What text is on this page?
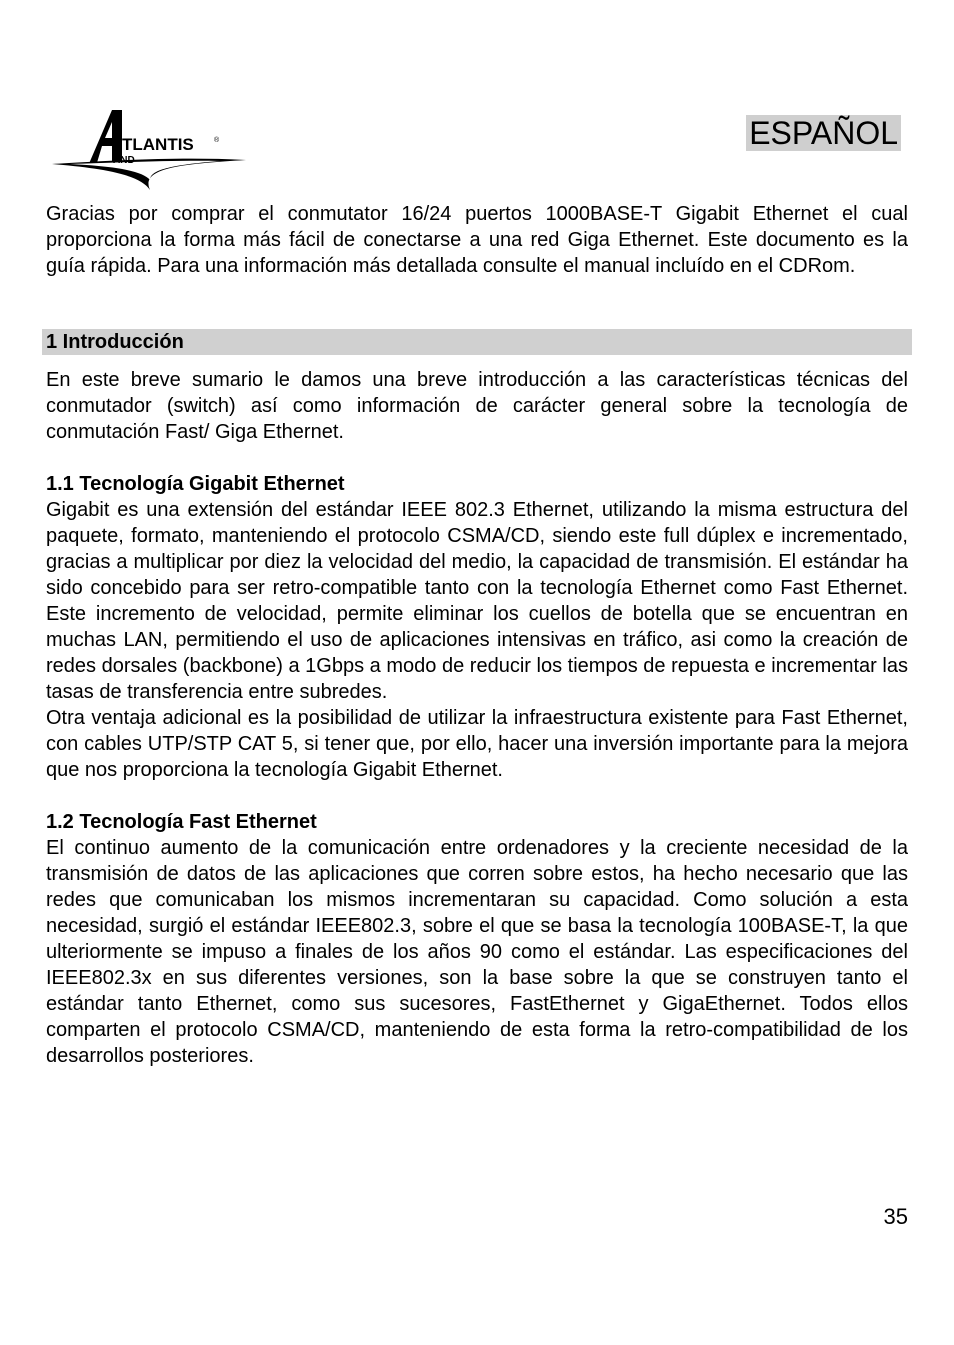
TLANTIS	®
AND
ESPAÑOL

Gracias por comprar el conmutator 16/24 puertos 1000BASE-T Gigabit Ethernet el cual proporciona la forma más fácil de conectarse a una red Giga Ethernet. Este documento es la guía rápida. Para una información más detallada consulte el manual incluído en el CDRom.

1 Introducción

En este breve sumario le damos una breve introducción a las características técnicas del conmutador (switch) así como información de carácter general sobre la tecnología de conmutación Fast/ Giga Ethernet.

1.1 Tecnología Gigabit Ethernet

Gigabit es una extensión del estándar IEEE 802.3 Ethernet, utilizando la misma estructura del paquete, formato, manteniendo el protocolo CSMA/CD, siendo este full dúplex e incrementado, gracias a multiplicar por diez la velocidad del medio, la capacidad de transmisión. El estándar ha sido concebido para ser retro-compatible tanto con la tecnología Ethernet como Fast Ethernet. Este incremento de velocidad, permite eliminar los cuellos de botella que se encuentran en muchas LAN, permitiendo el uso de aplicaciones intensivas en tráfico, asi como la creación de redes dorsales (backbone) a 1Gbps a modo de reducir los tiempos de repuesta e incrementar las tasas de transferencia entre subredes.

Otra ventaja adicional es la posibilidad de utilizar la infraestructura existente para Fast Ethernet, con cables UTP/STP CAT 5, si tener que, por ello, hacer una inversión importante para la mejora que nos proporciona la tecnología Gigabit Ethernet.

1.2 Tecnología Fast Ethernet

El continuo aumento de la comunicación entre ordenadores y la creciente necesidad de la transmisión de datos de las aplicaciones que corren sobre estos, ha hecho necesario que las redes que comunicaban los mismos incrementaran su capacidad. Como solución a esta necesidad, surgió el estándar IEEE802.3, sobre el que se basa la tecnología 100BASE-T, la que ulteriormente se impuso a finales de los años 90 como el estándar. Las especificaciones del IEEE802.3x en sus diferentes versiones, son la base sobre la que se construyen tanto el estándar tanto Ethernet, como sus sucesores, FastEthernet y GigaEthernet. Todos ellos comparten el protocolo CSMA/CD, manteniendo de esta forma la retro-compatibilidad de los desarrollos posteriores.

35
